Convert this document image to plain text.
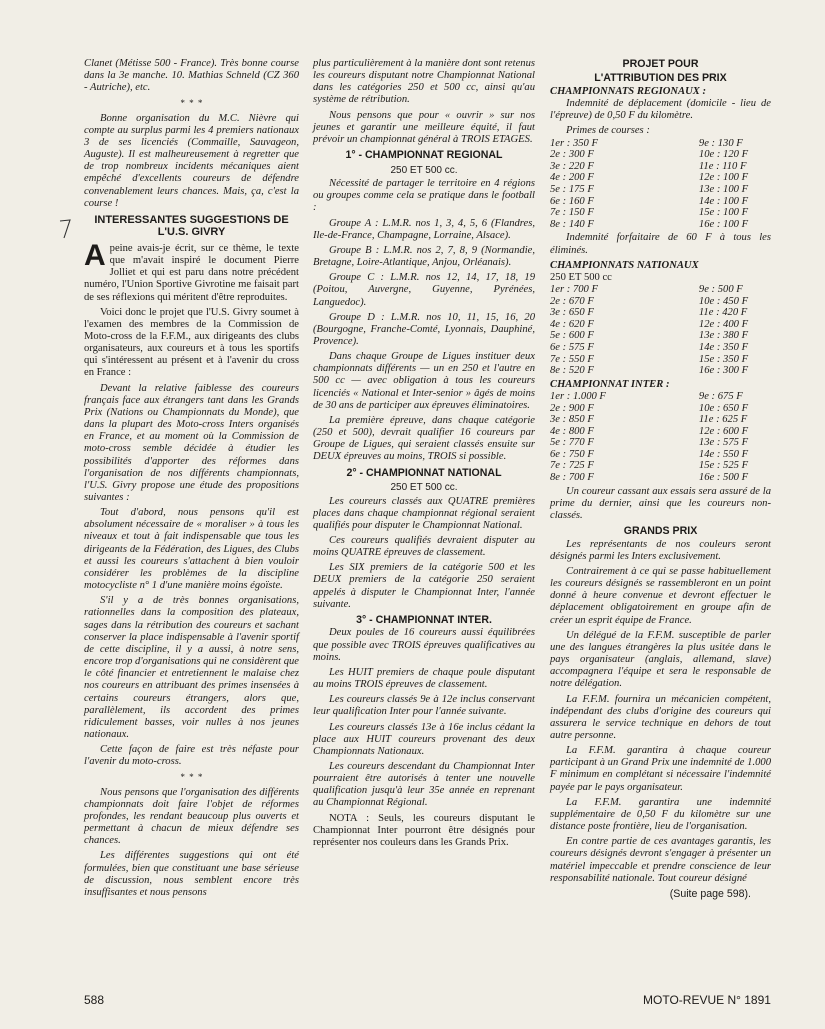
Clanet (Métisse 500 - France). Très bonne course dans la 3e manche. 10. Mathias Schneld (CZ 360 - Autriche), etc.

* * *

Bonne organisation du M.C. Nièvre qui compte au surplus parmi les 4 premiers nationaux 3 de ses licenciés (Commaille, Sauvageon, Auguste). Il est malheureusement à regretter que de trop nombreux incidents mécaniques aient empêché d'excellents coureurs de défendre convenablement leurs chances. Mais, ça, c'est la course !

INTERESSANTES SUGGESTIONS DE L'U.S. GIVRY

Apeine avais-je écrit, sur ce thème, le texte que m'avait inspiré le document Pierre Jolliet et qui est paru dans notre précédent numéro, l'Union Sportive Givrotine me faisait part de ses réflexions qui méritent d'être reproduites.

Voici donc le projet que l'U.S. Givry soumet à l'examen des membres de la Commission de Moto-cross de la F.F.M., aux dirigeants des clubs organisateurs, aux coureurs et à tous les sportifs qui s'intéressent au présent et à l'avenir du cross en France :

Devant la relative faiblesse des coureurs français face aux étrangers tant dans les Grands Prix (Nations ou Championnats du Monde), que dans la plupart des Moto-cross Inters organisés en France, et au moment où la Commission de moto-cross semble décidée à étudier les possibilités d'apporter des réformes dans l'organisation de nos différents championnats, l'U.S. Givry propose une étude des propositions suivantes :

Tout d'abord, nous pensons qu'il est absolument nécessaire de « moraliser » à tous les niveaux et tout à fait indispensable que tous les dirigeants de la Fédération, des Ligues, des Clubs et aussi les coureurs s'attachent à bien vouloir considérer les problèmes de la discipline motocycliste n° 1 d'une manière moins égoïste.

S'il y a de très bonnes organisations, rationnelles dans la composition des plateaux, sages dans la rétribution des coureurs et sachant conserver la place indispensable à l'avenir sportif de cette discipline, il y a aussi, à notre sens, encore trop d'organisations qui ne considèrent que le côté financier et entretiennent le malaise chez nos coureurs en attribuant des primes insensées à certains coureurs étrangers, alors que, parallèlement, ils accordent des primes ridiculement basses, voir nulles à nos jeunes nationaux.

Cette façon de faire est très néfaste pour l'avenir du moto-cross.

* * *

Nous pensons que l'organisation des différents championnats doit faire l'objet de réformes profondes, les rendant beaucoup plus ouverts et permettant à chacun de mieux défendre ses chances.

Les différentes suggestions qui ont été formulées, bien que constituant une base sérieuse de discussion, nous semblent encore très insuffisantes et nous pensons

plus particulièrement à la manière dont sont retenus les coureurs disputant notre Championnat National dans les catégories 250 et 500 cc, ainsi qu'au système de rétribution.

Nous pensons que pour « ouvrir » sur nos jeunes et garantir une meilleure équité, il faut prévoir un championnat général à TROIS ETAGES.

1° - CHAMPIONNAT REGIONAL
250 ET 500 cc.

Nécessité de partager le territoire en 4 régions ou groupes comme cela se pratique dans le football :

Groupe A : L.M.R. nos 1, 3, 4, 5, 6 (Flandres, Ile-de-France, Champagne, Lorraine, Alsace).

Groupe B : L.M.R. nos 2, 7, 8, 9 (Normandie, Bretagne, Loire-Atlantique, Anjou, Orléanais).

Groupe C : L.M.R. nos 12, 14, 17, 18, 19 (Poitou, Auvergne, Guyenne, Pyrénées, Languedoc).

Groupe D : L.M.R. nos 10, 11, 15, 16, 20 (Bourgogne, Franche-Comté, Lyonnais, Dauphiné, Provence).

Dans chaque Groupe de Ligues instituer deux championnats différents — un en 250 et l'autre en 500 cc — avec obligation à tous les coureurs licenciés « National et Inter-senior » âgés de moins de 30 ans de participer aux épreuves éliminatoires.

La première épreuve, dans chaque catégorie (250 et 500), devrait qualifier 16 coureurs par Groupe de Ligues, qui seraient classés ensuite sur DEUX épreuves au moins, TROIS si possible.

2° - CHAMPIONNAT NATIONAL
250 ET 500 cc.

Les coureurs classés aux QUATRE premières places dans chaque championnat régional seraient qualifiés pour disputer le Championnat National.

Ces coureurs qualifiés devraient disputer au moins QUATRE épreuves de classement.

Les SIX premiers de la catégorie 500 et les DEUX premiers de la catégorie 250 seraient appelés à disputer le Championnat Inter, l'année suivante.

3° - CHAMPIONNAT INTER.

Deux poules de 16 coureurs aussi équilibrées que possible avec TROIS épreuves qualificatives au moins.

Les HUIT premiers de chaque poule disputant au moins TROIS épreuves de classement.

Les coureurs classés 9e à 12e inclus conservant leur qualification Inter pour l'année suivante.

Les coureurs classés 13e à 16e inclus cédant la place aux HUIT coureurs provenant des deux Championnats Nationaux.

Les coureurs descendant du Championnat Inter pourraient être autorisés à tenter une nouvelle qualification jusqu'à leur 35e année en reprenant au Championnat Régional.

NOTA : Seuls, les coureurs disputant le Championnat Inter pourront être désignés pour représenter nos couleurs dans les Grands Prix.

PROJET POUR
L'ATTRIBUTION DES PRIX
CHAMPIONNATS REGIONAUX :

Indemnité de déplacement (domicile - lieu de l'épreuve) de 0,50 F du kilomètre.

Primes de courses :

1er : 350 F	9e : 130 F
2e : 300 F	10e : 120 F
3e : 220 F	11e : 110 F
4e : 200 F	12e : 100 F
5e : 175 F	13e : 100 F
6e : 160 F	14e : 100 F
7e : 150 F	15e : 100 F
8e : 140 F	16e : 100 F

Indemnité forfaitaire de 60 F à tous les éliminés.

CHAMPIONNATS NATIONAUX
250 ET 500 cc
1er : 700 F	9e : 500 F
2e : 670 F	10e : 450 F
3e : 650 F	11e : 420 F
4e : 620 F	12e : 400 F
5e : 600 F	13e : 380 F
6e : 575 F	14e : 350 F
7e : 550 F	15e : 350 F
8e : 520 F	16e : 300 F
CHAMPIONNAT INTER :
1er : 1.000 F	9e : 675 F
2e : 900 F	10e : 650 F
3e : 850 F	11e : 625 F
4e : 800 F	12e : 600 F
5e : 770 F	13e : 575 F
6e : 750 F	14e : 550 F
7e : 725 F	15e : 525 F
8e : 700 F	16e : 500 F

Un coureur cassant aux essais sera assuré de la prime du dernier, ainsi que les coureurs non-classés.

GRANDS PRIX

Les représentants de nos couleurs seront désignés parmi les Inters exclusivement.

Contrairement à ce qui se passe habituellement les coureurs désignés se rassembleront en un point donné à heure convenue et devront effectuer le déplacement obligatoirement en groupe afin de créer un esprit équipe de France.

Un délégué de la F.F.M. susceptible de parler une des langues étrangères la plus usitée dans le pays organisateur (anglais, allemand, slave) accompagnera l'équipe et sera le responsable de notre délégation.

La F.F.M. fournira un mécanicien compétent, indépendant des clubs d'origine des coureurs qui assurera le service technique en dehors de tout autre personne.

La F.F.M. garantira à chaque coureur participant à un Grand Prix une indemnité de 1.000 F minimum en complétant si nécessaire l'indemnité payée par le pays organisateur.

La F.F.M. garantira une indemnité supplémentaire de 0,50 F du kilomètre sur une distance poste frontière, lieu de l'organisation.

En contre partie de ces avantages garantis, les coureurs désignés devront s'engager à présenter un matériel impeccable et prendre conscience de leur responsabilité nationale. Tout coureur désigné

(Suite page 598).
588	MOTO-REVUE N° 1891
